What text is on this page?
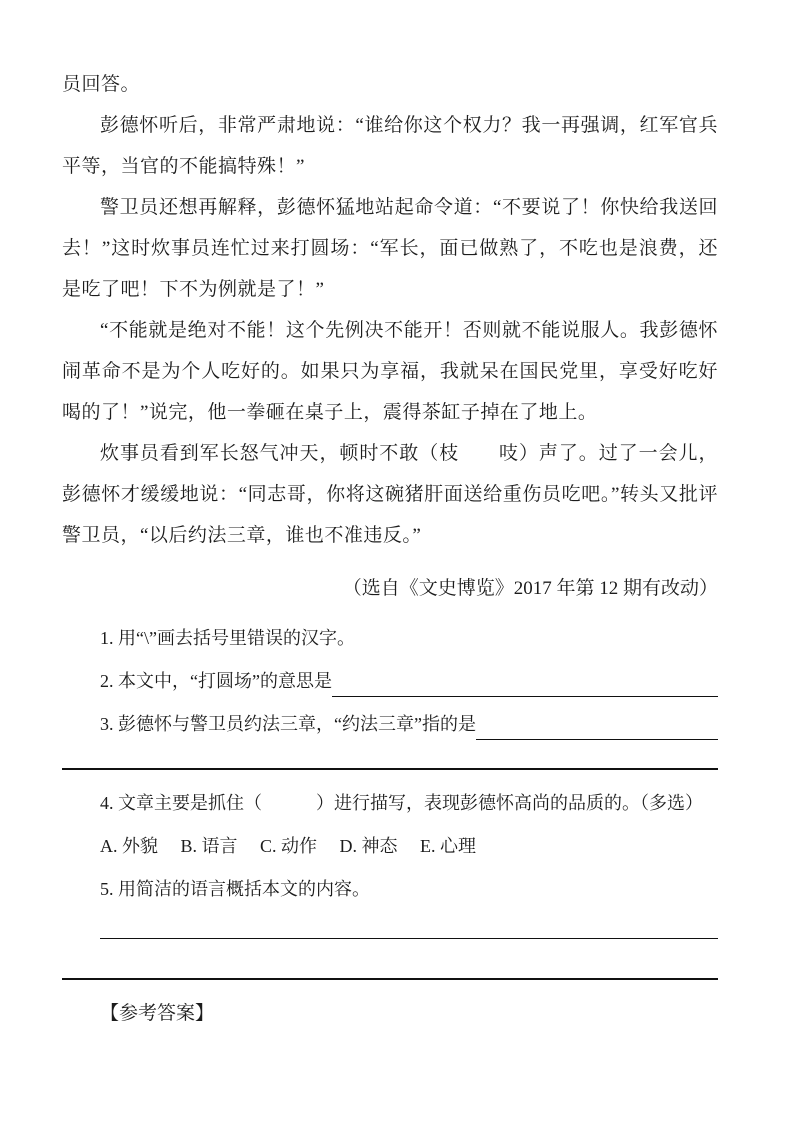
员回答。

彭德怀听后，非常严肃地说：“谁给你这个权力？我一再强调，红军官兵平等，当官的不能搞特殊！”

警卫员还想再解释，彭德怀猛地站起命令道：“不要说了！你快给我送回去！”这时炊事员连忙过来打圆场：“军长，面已做熟了，不吃也是浪费，还是吃了吧！下不为例就是了！”

“不能就是绝对不能！这个先例决不能开！否则就不能说服人。我彭德怀闹革命不是为个人吃好的。如果只为享福，我就呆在国民党里，享受好吃好喝的了！”说完，他一拳砸在桌子上，震得茶缸子掉在了地上。

炊事员看到军长怒气冲天，顿时不敢（枝　　吱）声了。过了一会儿，彭德怀才缓缓地说：“同志哥，你将这碗猪肝面送给重伤员吃吧。”转头又批评警卫员，“以后约法三章，谁也不准违反。”

（选自《文史博览》2017 年第 12 期有改动）

1. 用“\”画去括号里错误的汉字。
2. 本文中，“打圆场”的意思是
3. 彭德怀与警卫员约法三章，“约法三章”指的是
4. 文章主要是抓住（　　　）进行描写，表现彭德怀高尚的品质的。（多选）
A. 外貌　 B. 语言　 C. 动作　 D. 神态　 E. 心理
5. 用简洁的语言概括本文的内容。
【参考答案】
